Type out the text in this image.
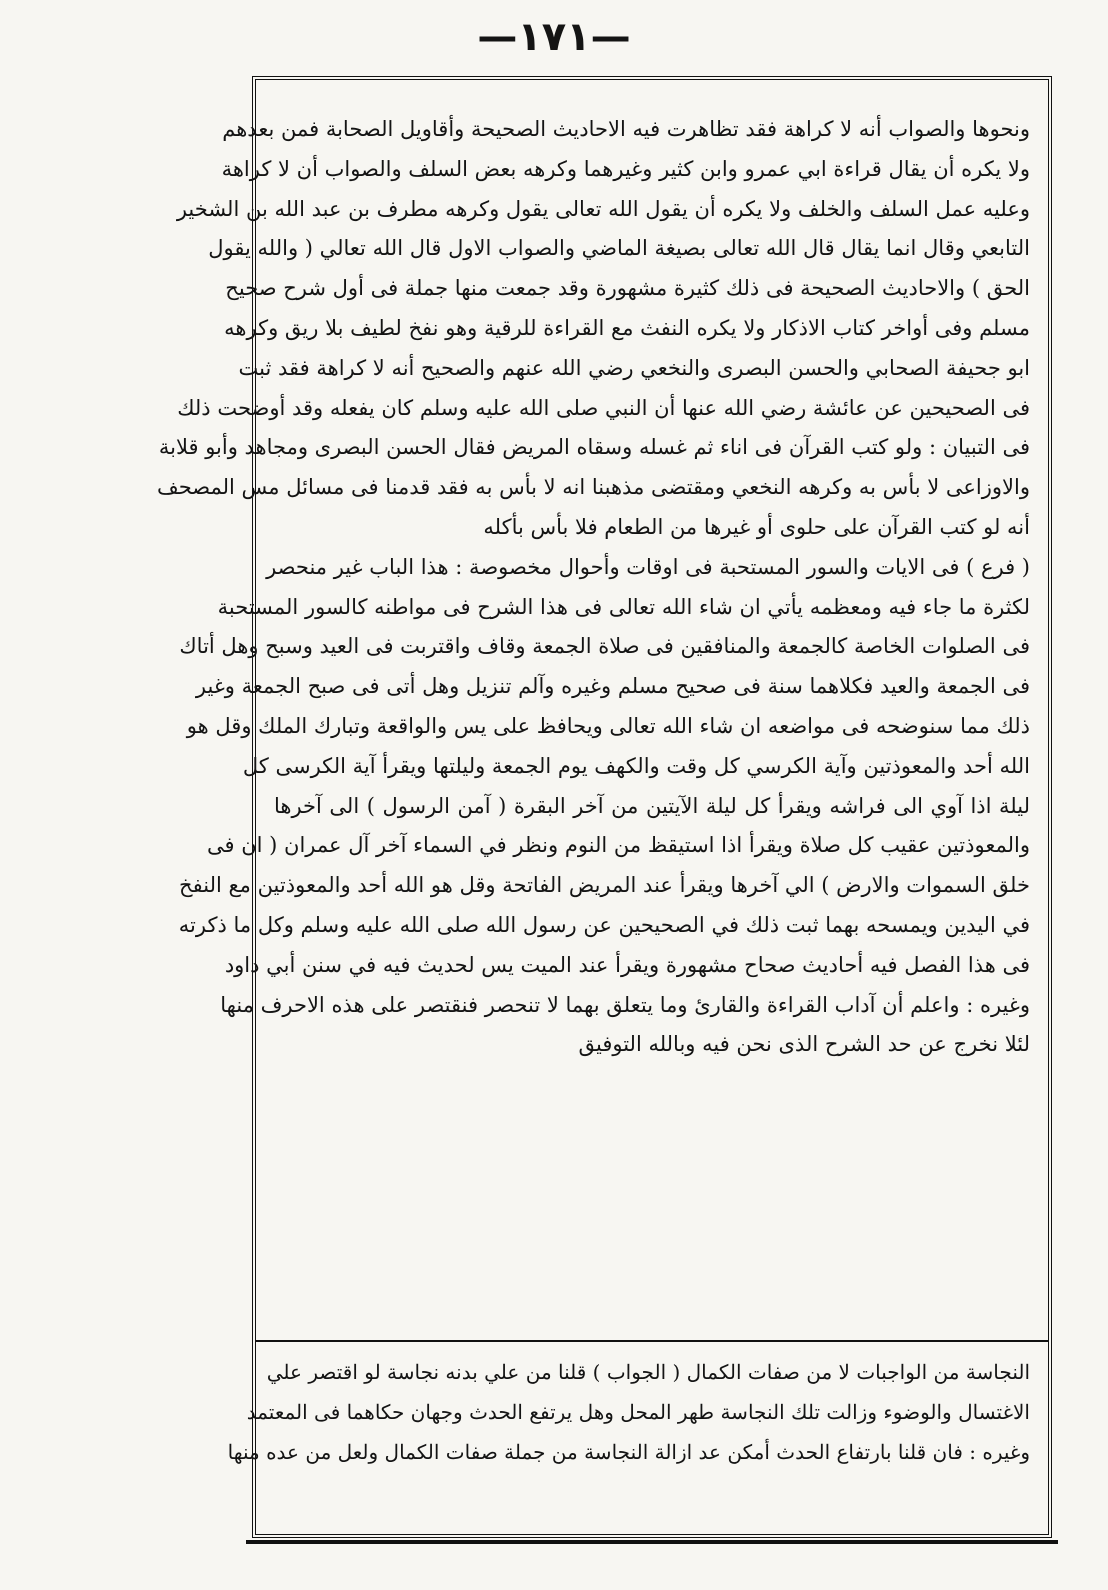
—١٧١—
ونحوها والصواب أنه لا كراهة فقد تظاهرت فيه الاحاديث الصحيحة وأقاويل الصحابة فمن بعدهم
ولا يكره أن يقال قراءة ابي عمرو وابن كثير وغيرهما وكرهه بعض السلف والصواب أن لا كراهة
وعليه عمل السلف والخلف ولا يكره أن يقول الله تعالى يقول وكرهه مطرف بن عبد الله بن الشخير
التابعي وقال انما يقال قال الله تعالى بصيغة الماضي والصواب الاول قال الله تعالي ( والله يقول
الحق ) والاحاديث الصحيحة فى ذلك كثيرة مشهورة وقد جمعت منها جملة فى أول شرح صحيح
مسلم وفى أواخر كتاب الاذكار ولا يكره النفث مع القراءة للرقية وهو نفخ لطيف بلا ريق وكرهه
ابو جحيفة الصحابي والحسن البصرى والنخعي رضي الله عنهم والصحيح أنه لا كراهة فقد ثبت
فى الصحيحين عن عائشة رضي الله عنها أن النبي صلى الله عليه وسلم كان يفعله وقد أوضحت ذلك
فى التبيان : ولو كتب القرآن فى اناء ثم غسله وسقاه المريض فقال الحسن البصرى ومجاهد وأبو قلابة
والاوزاعى لا بأس به وكرهه النخعي ومقتضى مذهبنا انه لا بأس به فقد قدمنا فى مسائل مس المصحف
أنه لو كتب القرآن على حلوى أو غيرها من الطعام فلا بأس بأكله
( فرع ) فى الايات والسور المستحبة فى اوقات وأحوال مخصوصة : هذا الباب غير منحصر
لكثرة ما جاء فيه ومعظمه يأتي ان شاء الله تعالى فى هذا الشرح فى مواطنه كالسور المستحبة
فى الصلوات الخاصة كالجمعة والمنافقين فى صلاة الجمعة وقاف واقتربت فى العيد وسبح وهل أتاك
فى الجمعة والعيد فكلاهما سنة فى صحيح مسلم وغيره وآلم تنزيل وهل أتى فى صبح الجمعة وغير
ذلك مما سنوضحه فى مواضعه ان شاء الله تعالى ويحافظ على يس والواقعة وتبارك الملك وقل هو
الله أحد والمعوذتين وآية الكرسي كل وقت والكهف يوم الجمعة وليلتها ويقرأ آية الكرسى كل
ليلة اذا آوي الى فراشه ويقرأ كل ليلة الآيتين من آخر البقرة ( آمن الرسول ) الى آخرها
والمعوذتين عقيب كل صلاة ويقرأ اذا استيقظ من النوم ونظر في السماء آخر آل عمران ( ان فى
خلق السموات والارض ) الي آخرها ويقرأ عند المريض الفاتحة وقل هو الله أحد والمعوذتين مع النفخ
في اليدين ويمسحه بهما ثبت ذلك في الصحيحين عن رسول الله صلى الله عليه وسلم وكل ما ذكرته
فى هذا الفصل فيه أحاديث صحاح مشهورة ويقرأ عند الميت يس لحديث فيه في سنن أبي داود
وغيره : واعلم أن آداب القراءة والقارئ وما يتعلق بهما لا تنحصر فنقتصر على هذه الاحرف منها
لئلا نخرج عن حد الشرح الذى نحن فيه وبالله التوفيق
النجاسة من الواجبات لا من صفات الكمال ( الجواب ) قلنا من علي بدنه نجاسة لو اقتصر علي
الاغتسال والوضوء وزالت تلك النجاسة طهر المحل وهل يرتفع الحدث وجهان حكاهما فى المعتمد
وغيره : فان قلنا بارتفاع الحدث أمكن عد ازالة النجاسة من جملة صفات الكمال ولعل من عده منها
